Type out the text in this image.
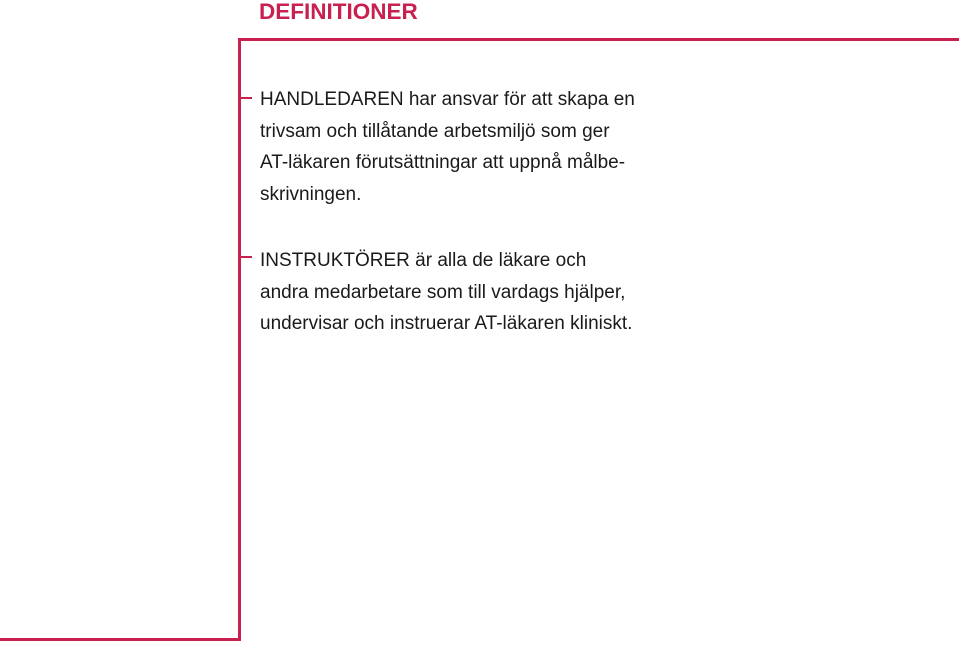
DEFINITIONER

HANDLEDAREN har ansvar för att skapa en
trivsam och tillåtande arbetsmiljö som ger
AT-läkaren förutsättningar att uppnå målbe-
skrivningen.

INSTRUKTÖRER är alla de läkare och
andra medarbetare som till vardags hjälper,
undervisar och instruerar AT-läkaren kliniskt.
